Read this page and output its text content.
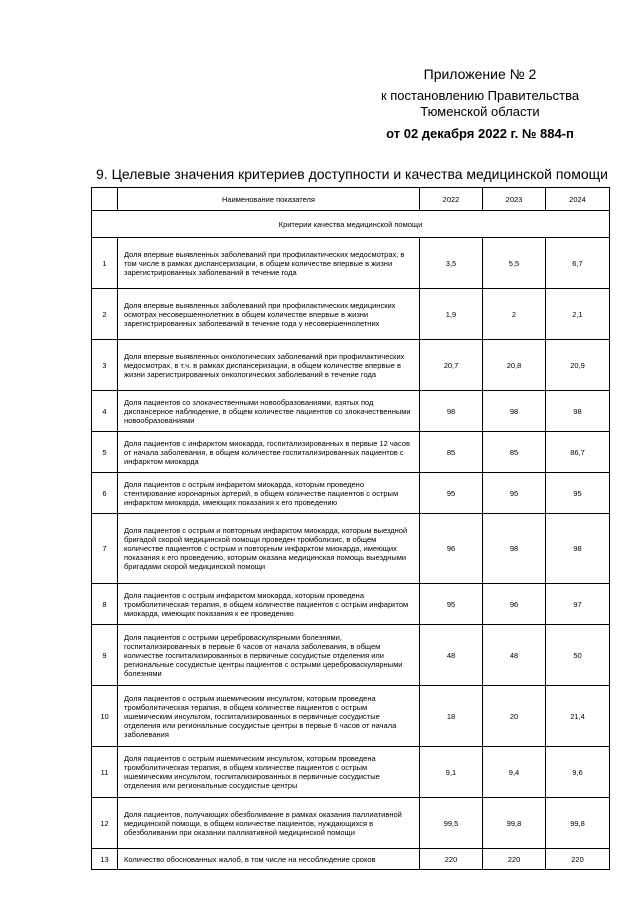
Приложение № 2
к постановлению Правительства
Тюменской области
от 02 декабря 2022 г. № 884-п
9. Целевые значения критериев доступности и качества медицинской помощи
	Наименование показателя	2022	2023	2024
Критерии качества медицинской помощи				
1	Доля впервые выявленных заболеваний при профилактических медосмотрах, в том числе в рамках диспансеризации, в общем количестве впервые в жизни зарегистрированных заболеваний в течение года	3,5	5,5	6,7
2	Доля впервые выявленных заболеваний при профилактических медицинских осмотрах несовершеннолетних в общем количестве впервые в жизни зарегистрированных заболеваний в течение года у несовершеннолетних	1,9	2	2,1
3	Доля впервые выявленных онкологических заболеваний при профилактических медосмотрах, в т.ч. в рамках диспансеризации, в общем количестве впервые в жизни зарегистрированных онкологических заболеваний в течение года	20,7	20,8	20,9
4	Доля пациентов со злокачественными новообразованиями, взятых под диспансерное наблюдение, в общем количестве пациентов со злокачественными новообразованиями	98	98	98
5	Доля пациентов с инфарктом миокарда, госпитализированных в первые 12 часов от начала заболевания, в общем количестве госпитализированных пациентов с инфарктом миокарда	85	85	86,7
6	Доля пациентов с острым инфарктом миокарда, которым проведено стентирование коронарных артерий, в общем количестве пациентов с острым инфарктом миокарда, имеющих показания к его проведению	95	95	95
7	Доля пациентов с острым и повторным инфарктом миокарда, которым выездной бригадой скорой медицинской помощи проведен тромболизис, в общем количестве пациентов с острым и повторным инфарктом миокарда, имеющих показания к его проведению, которым оказана медицинская помощь выездными бригадами скорой медицинской помощи	96	98	98
8	Доля пациентов с острым инфарктом миокарда, которым проведена тромболитическая терапия, в общем количестве пациентов с острым инфарктом миокарда, имеющих показания к ее проведению	95	96	97
9	Доля пациентов с острыми цереброваскулярными болезнями, госпитализированных в первые 6 часов от начала заболевания, в общем количестве госпитализированных в первичные сосудистые отделения или региональные сосудистые центры пациентов с острыми цереброваскулярными болезнями	48	48	50
10	Доля пациентов с острым ишемическим инсультом, которым проведена тромболитическая терапия, в общем количестве пациентов с острым ишемическим инсультом, госпитализированных в первичные сосудистые отделения или региональные сосудистые центры в первые 6 часов от начала заболевания	18	20	21,4
11	Доля пациентов с острым ишемическим инсультом, которым проведена тромболитическая терапия, в общем количестве пациентов с острым ишемическим инсультом, госпитализированных в первичные сосудистые отделения или региональные сосудистые центры	9,1	9,4	9,6
12	Доля пациентов, получающих обезболивание в рамках оказания паллиативной медицинской помощи, в общем количестве пациентов, нуждающихся в обезболивании при оказании паллиативной медицинской помощи	99,5	99,8	99,8
13	Количество обоснованных жалоб, в том числе на несоблюдение сроков	220	220	220
